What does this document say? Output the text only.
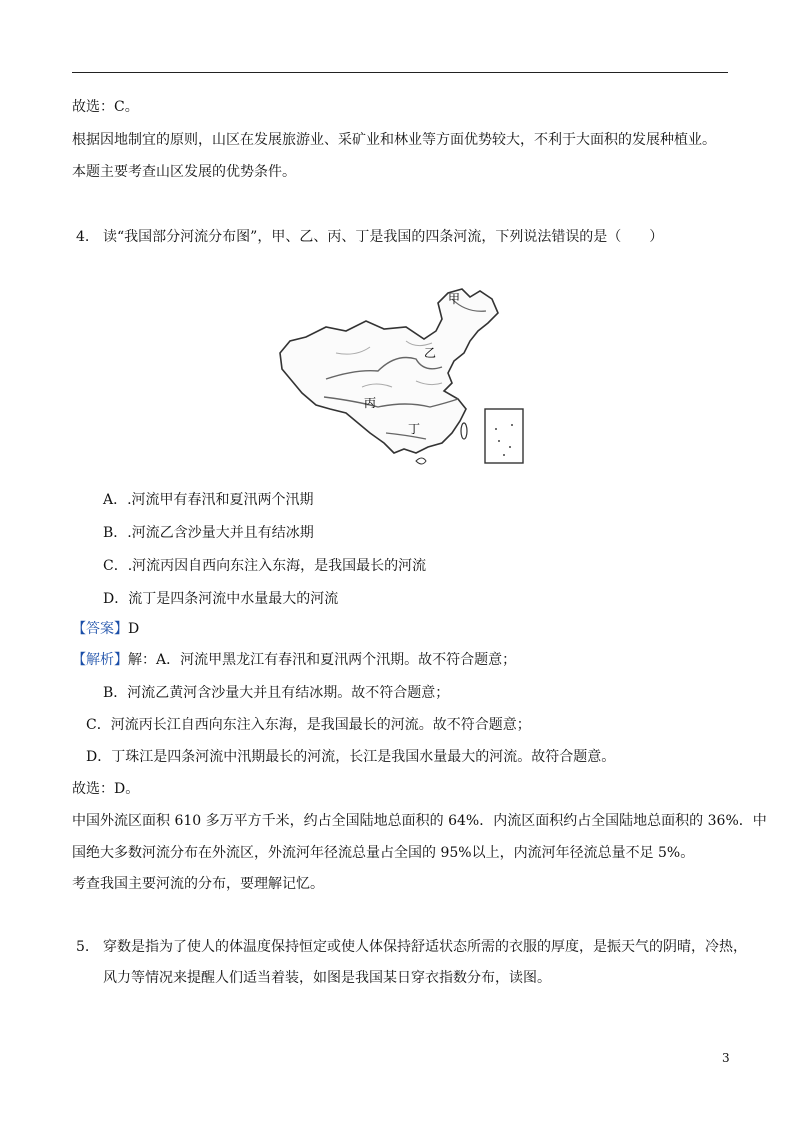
故选：C。
根据因地制宜的原则，山区在发展旅游业、采矿业和林业等方面优势较大，不利于大面积的发展种植业。
本题主要考查山区发展的优势条件。
4. 读“我国部分河流分布图”，甲、乙、丙、丁是我国的四条河流，下列说法错误的是（　　）
甲
乙
丙
丁
A．.河流甲有春汛和夏汛两个汛期
B．.河流乙含沙量大并且有结冰期
C．.河流丙因自西向东注入东海，是我国最长的河流
D．流丁是四条河流中水量最大的河流
【答案】D
【解析】解：A．河流甲黑龙江有春汛和夏汛两个汛期。故不符合题意；
B．河流乙黄河含沙量大并且有结冰期。故不符合题意；
C．河流丙长江自西向东注入东海，是我国最长的河流。故不符合题意；
D．丁珠江是四条河流中汛期最长的河流，长江是我国水量最大的河流。故符合题意。
故选：D。
中国外流区面积 610 多万平方千米，约占全国陆地总面积的 64%．内流区面积约占全国陆地总面积的 36%．中
国绝大多数河流分布在外流区，外流河年径流总量占全国的 95%以上，内流河年径流总量不足 5%。
考查我国主要河流的分布，要理解记忆。
5. 穿数是指为了使人的体温度保持恒定或使人体保持舒适状态所需的衣服的厚度，是振天气的阴晴，冷热，
风力等情况来提醒人们适当着装，如图是我国某日穿衣指数分布，读图。
3
